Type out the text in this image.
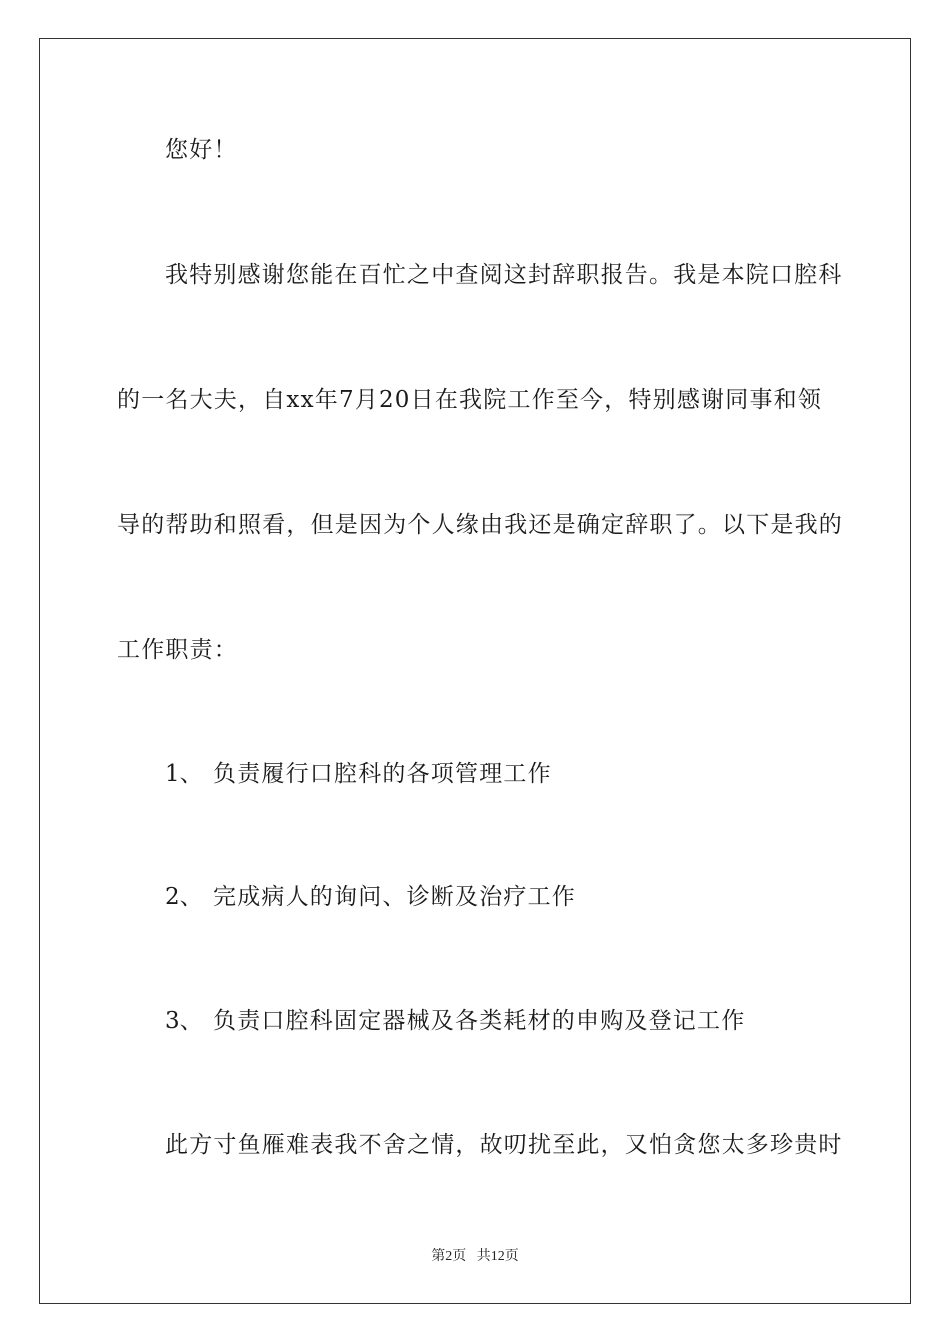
您好！
我特别感谢您能在百忙之中查阅这封辞职报告。我是本院口腔科
的一名大夫，自xx年7月20日在我院工作至今，特别感谢同事和领
导的帮助和照看，但是因为个人缘由我还是确定辞职了。以下是我的
工作职责：
1、 负责履行口腔科的各项管理工作
2、 完成病人的询问、诊断及治疗工作
3、 负责口腔科固定器械及各类耗材的申购及登记工作
此方寸鱼雁难表我不舍之情，故叨扰至此，又怕贪您太多珍贵时
第2页 共12页
